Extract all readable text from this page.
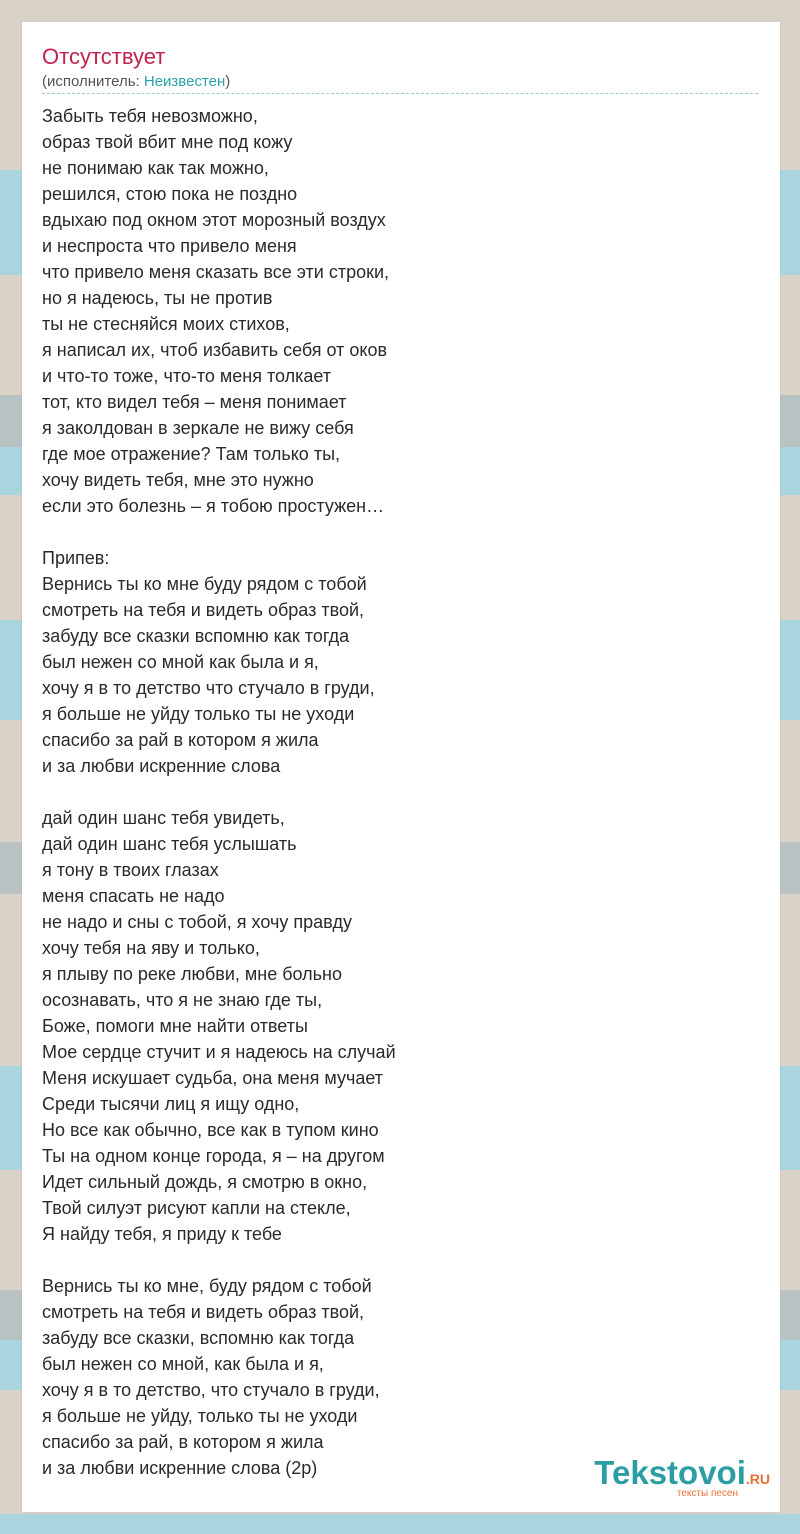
Отсутствует
(исполнитель: Неизвестен)
Забыть тебя невозможно,
образ твой вбит мне под кожу
не понимаю как так можно,
решился, стою пока не поздно
вдыхаю под окном этот морозный воздух
и неспроста что привело меня
что привело меня сказать все эти строки,
но я надеюсь, ты не против
ты не стесняйся моих стихов,
я написал их, чтоб избавить себя от оков
и что-то тоже, что-то меня толкает
тот, кто видел тебя – меня понимает
я заколдован в зеркале не вижу себя
где мое отражение? Там только ты,
хочу видеть тебя, мне это нужно
если это болезнь – я тобою простужен…
Припев:
Вернись ты ко мне буду рядом с тобой
смотреть на тебя и видеть образ твой,
забуду все сказки вспомню как тогда
был нежен со мной как была и я,
хочу я в то детство что стучало в груди,
я больше не уйду только ты не уходи
спасибо за рай в котором я жила
и за любви искренние слова
дай один шанс тебя увидеть,
дай один шанс тебя услышать
я тону в твоих глазах
меня спасать не надо
не надо и сны с тобой, я хочу правду
хочу тебя на яву и только,
я плыву по реке любви, мне больно
осознавать, что я не знаю где ты,
Боже, помоги мне найти ответы
Мое сердце стучит и я надеюсь на случай
Меня искушает судьба, она меня мучает
Среди тысячи лиц я ищу одно,
Но все как обычно, все как в тупом кино
Ты на одном конце города, я – на другом
Идет сильный дождь, я смотрю в окно,
Твой силуэт рисуют капли на стекле,
Я найду тебя, я приду к тебе
Вернись ты ко мне, буду рядом с тобой
смотреть на тебя и видеть образ твой,
забуду все сказки, вспомню как тогда
был нежен со мной, как была и я,
хочу я в то детство, что стучало в груди,
я больше не уйду, только ты не уходи
спасибо за рай, в котором я жила
и за любви искренние слова (2р)	Tekstovoi.RU
тексты песен
